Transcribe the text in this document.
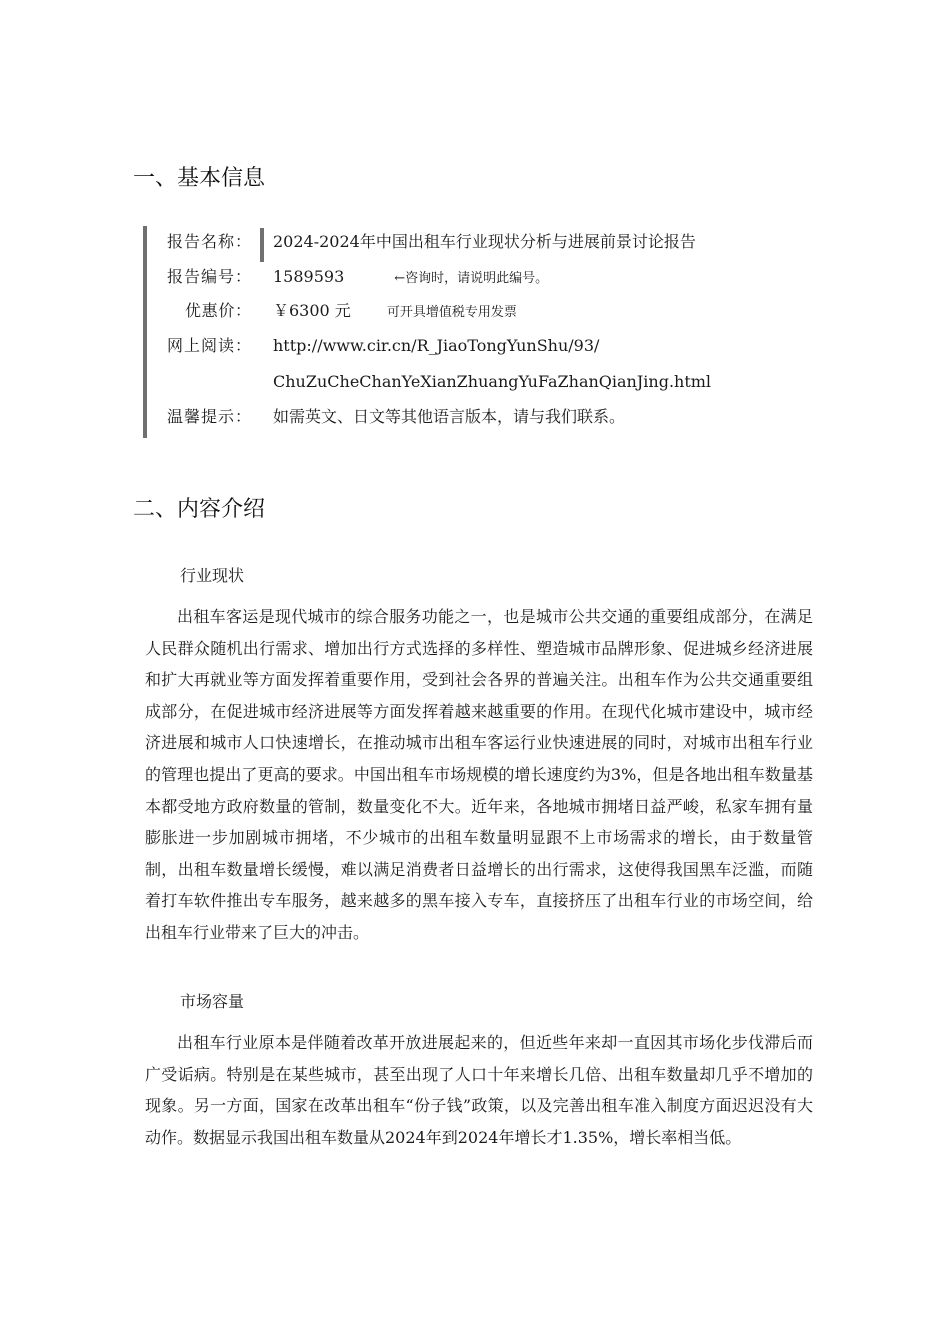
一、基本信息
报告名称： 2024-2024年中国出租车行业现状分析与进展前景讨论报告
报告编号： 1589593	←咨询时，请说明此编号。
优惠价： ￥6300 元	可开具增值税专用发票
网上阅读： http://www.cir.cn/R_JiaoTongYunShu/93/
ChuZuCheChanYeXianZhuangYuFaZhanQianJing.html
温馨提示： 如需英文、日文等其他语言版本，请与我们联系。
二、内容介绍
行业现状

出租车客运是现代城市的综合服务功能之一，也是城市公共交通的重要组成部分，在满足人民群众随机出行需求、增加出行方式选择的多样性、塑造城市品牌形象、促进城乡经济进展和扩大再就业等方面发挥着重要作用，受到社会各界的普遍关注。出租车作为公共交通重要组成部分，在促进城市经济进展等方面发挥着越来越重要的作用。在现代化城市建设中，城市经济进展和城市人口快速增长，在推动城市出租车客运行业快速进展的同时，对城市出租车行业的管理也提出了更高的要求。中国出租车市场规模的增长速度约为3%，但是各地出租车数量基本都受地方政府数量的管制，数量变化不大。近年来，各地城市拥堵日益严峻，私家车拥有量膨胀进一步加剧城市拥堵，不少城市的出租车数量明显跟不上市场需求的增长，由于数量管制，出租车数量增长缓慢，难以满足消费者日益增长的出行需求，这使得我国黑车泛滥，而随着打车软件推出专车服务，越来越多的黑车接入专车，直接挤压了出租车行业的市场空间，给出租车行业带来了巨大的冲击。

市场容量

出租车行业原本是伴随着改革开放进展起来的，但近些年来却一直因其市场化步伐滞后而广受诟病。特别是在某些城市，甚至出现了人口十年来增长几倍、出租车数量却几乎不增加的现象。另一方面，国家在改革出租车“份子钱”政策，以及完善出租车准入制度方面迟迟没有大动作。数据显示我国出租车数量从2024年到2024年增长才1.35%，增长率相当低。
